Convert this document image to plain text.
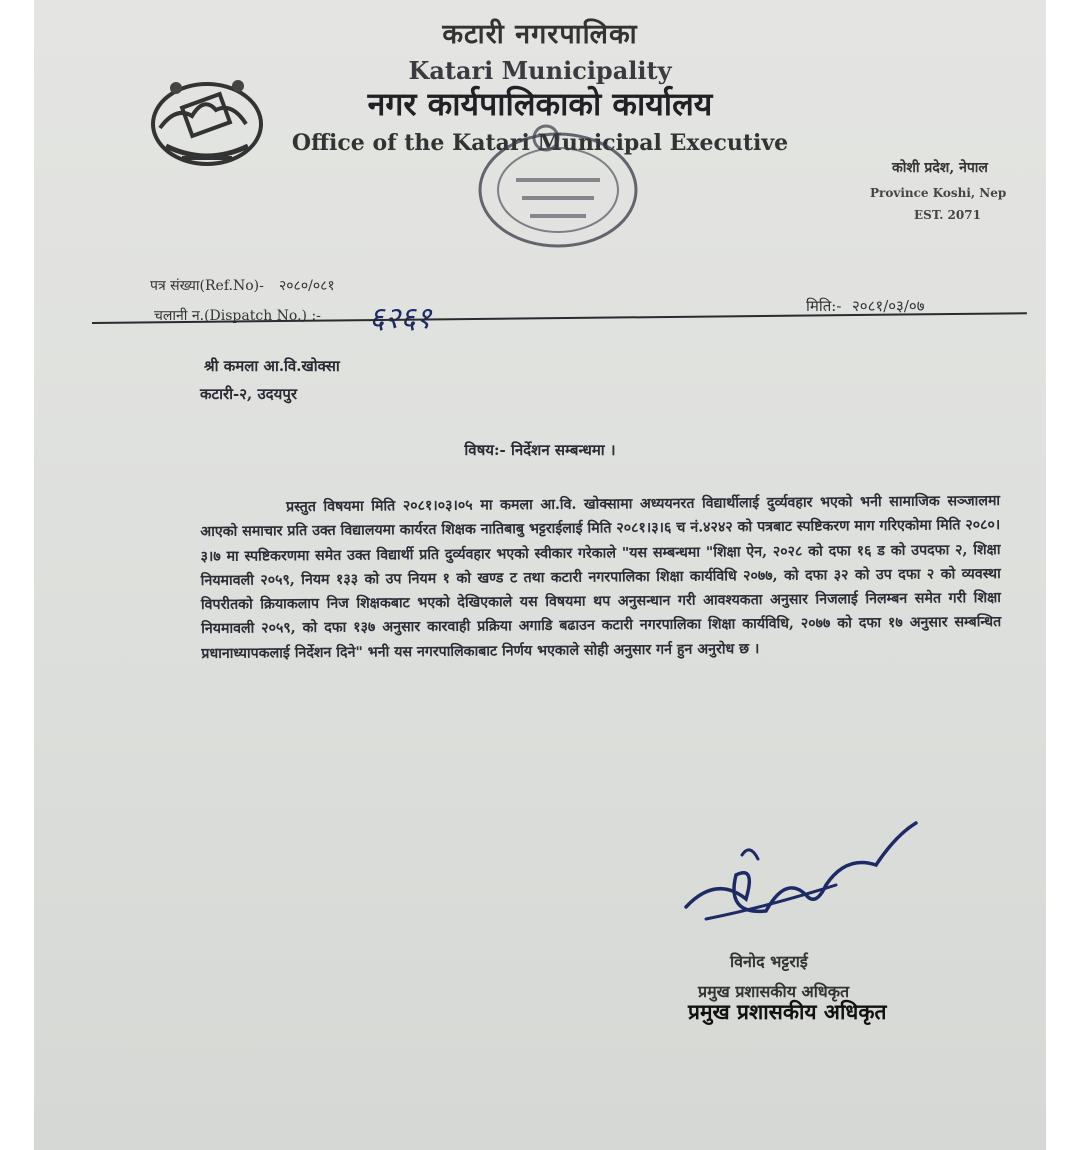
कटारी नगरपालिका
Katari Municipality
नगर कार्यपालिकाको कार्यालय
Office of the Katari Municipal Executive
कोशी प्रदेश, नेपाल
Province Koshi, Nep
EST. 2071
पत्र संख्या(Ref.No)- २०८०/०८१
चलानी न.(Dispatch No.) :- ६२६१	मिति:- २०८१/०३/०७
श्री कमला आ.वि.खोक्सा
कटारी-२, उदयपुर
विषय:- निर्देशन सम्बन्धमा ।
प्रस्तुत विषयमा मिति २०८१।०३।०५ मा कमला आ.वि. खोक्सामा अध्ययनरत विद्यार्थीलाई दुर्व्यवहार भएको भनी सामाजिक सञ्जालमा आएको समाचार प्रति उक्त विद्यालयमा कार्यरत शिक्षक नातिबाबु भट्टराईलाई मिति २०८१।३।६ च नं.४२४२ को पत्रबाट स्पष्टिकरण माग गरिएकोमा मिति २०८०।३।७ मा स्पष्टिकरणमा समेत उक्त विद्यार्थी प्रति दुर्व्यवहार भएको स्वीकार गरेकाले "यस सम्बन्धमा "शिक्षा ऐन, २०२८ को दफा १६ ड को उपदफा २, शिक्षा नियमावली २०५९, नियम १३३ को उप नियम १ को खण्ड ट तथा कटारी नगरपालिका शिक्षा कार्यविधि २०७७, को दफा ३२ को उप दफा २ को व्यवस्था विपरीतको क्रियाकलाप निज शिक्षकबाट भएको देखिएकाले यस विषयमा थप अनुसन्धान गरी आवश्यकता अनुसार निजलाई निलम्बन समेत गरी शिक्षा नियमावली २०५९, को दफा १३७ अनुसार कारवाही प्रक्रिया अगाडि बढाउन कटारी नगरपालिका शिक्षा कार्यविधि, २०७७ को दफा १७ अनुसार सम्बन्धित प्रधानाध्यापकलाई निर्देशन दिने" भनी यस नगरपालिकाबाट निर्णय भएकाले सोही अनुसार गर्न हुन अनुरोध छ ।
विनोद भट्टराई
प्रमुख प्रशासकीय अधिकृत
प्रमुख प्रशासकीय अधिकृत
